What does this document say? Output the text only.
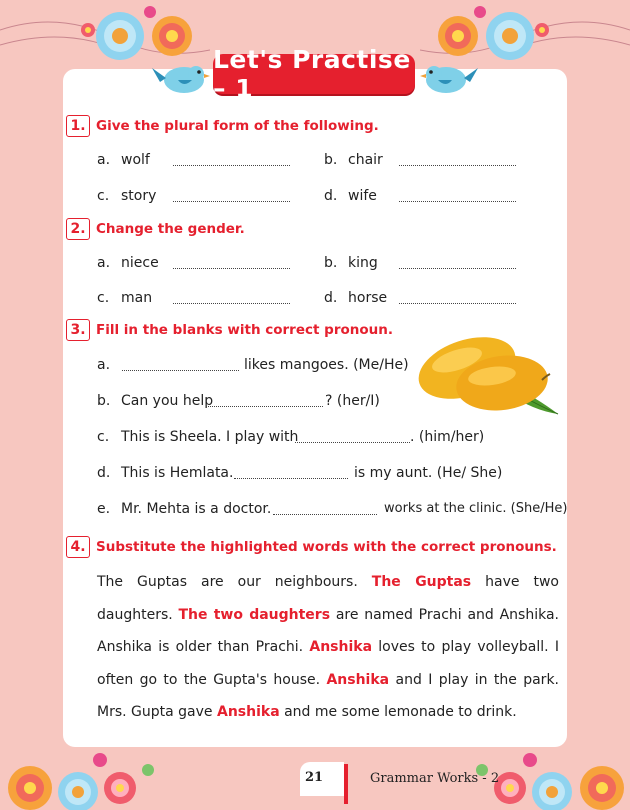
Let's Practise – 1
1. Give the plural form of the following.
a. wolf	b. chair
c. story	d. wife
2. Change the gender.
a. niece	b. king
c. man	d. horse
3. Fill in the blanks with correct pronoun.
a.	likes mangoes. (Me/He)
b. Can you help	? (her/I)
c. This is Sheela. I play with	. (him/her)
d. This is Hemlata.	is my aunt. (He/ She)
e. Mr. Mehta is a doctor.	works at the clinic. (She/He)
4. Substitute the highlighted words with the correct pronouns.
The Guptas are our neighbours. The Guptas have two daughters. The two daughters are named Prachi and Anshika. Anshika is older than Prachi. Anshika loves to play volleyball. I often go to the Gupta's house. Anshika and I play in the park. Mrs. Gupta gave Anshika and me some lemonade to drink.
21	Grammar Works - 2
